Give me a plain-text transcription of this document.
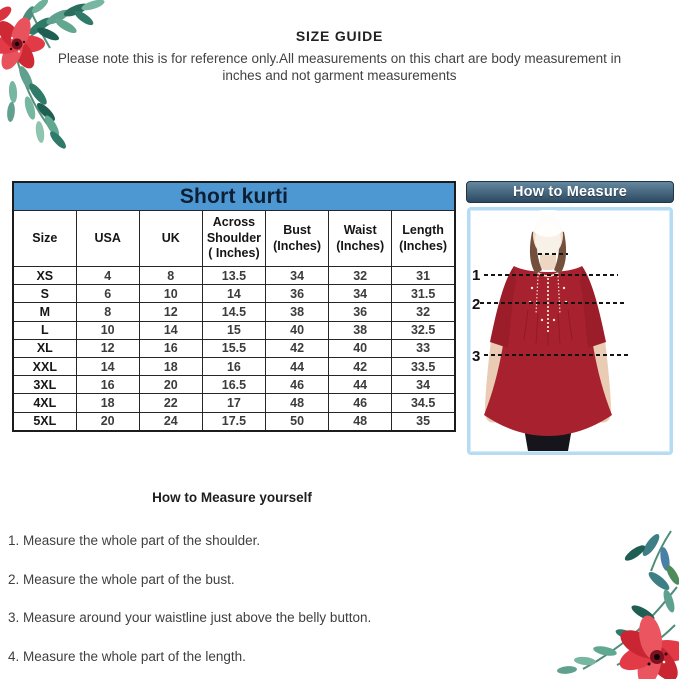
SIZE GUIDE
Please note this is for reference only.All measurements on this chart are body measurement in inches and not garment measurements
Short kurti						
Size	USA	UK	Across Shoulder ( Inches)	Bust (Inches)	Waist (Inches)	Length (Inches)
XS	4	8	13.5	34	32	31
S	6	10	14	36	34	31.5
M	8	12	14.5	38	36	32
L	10	14	15	40	38	32.5
XL	12	16	15.5	42	40	33
XXL	14	18	16	44	42	33.5
3XL	16	20	16.5	46	44	34
4XL	18	22	17	48	46	34.5
5XL	20	24	17.5	50	48	35
How to Measure
1
2
3
How to Measure yourself

1. Measure the whole part of the shoulder.

2. Measure the whole part of the bust.

3. Measure around your waistline just above the belly button.

4. Measure the whole part of the length.
